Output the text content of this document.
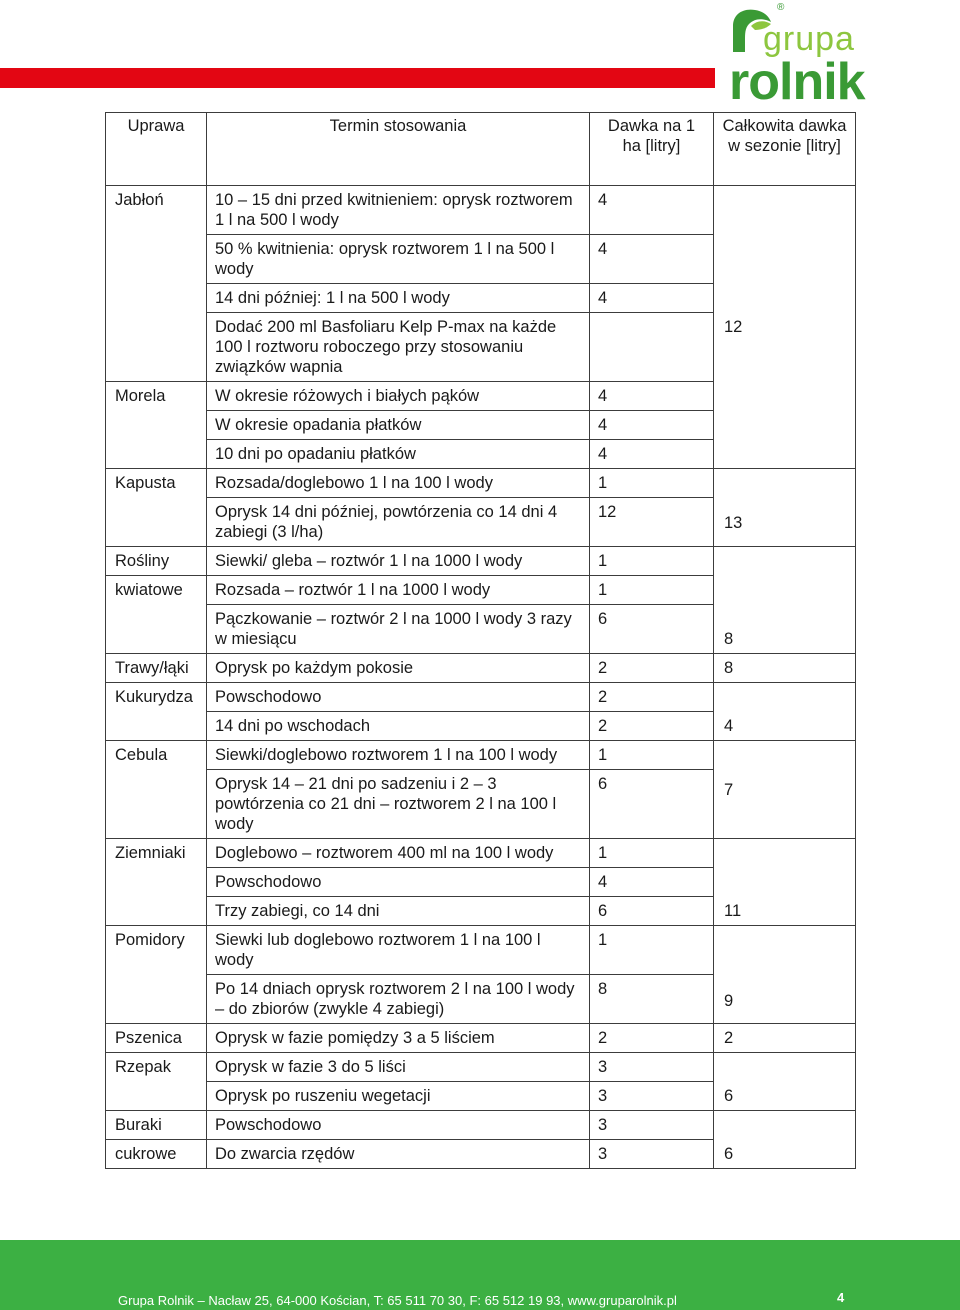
®
grupa
rolnik
Uprawa	Termin stosowania	Dawka na 1 ha [litry]	Całkowita dawka w sezonie [litry]
Jabłoń	10 – 15 dni przed kwitnieniem: oprysk roztworem 1 l na 500 l wody	4	12
	50 % kwitnienia: oprysk roztworem 1 l na 500 l wody	4	
	14 dni później: 1 l na 500 l wody	4	
	Dodać 200 ml Basfoliaru Kelp P-max na każde 100 l roztworu roboczego przy stosowaniu związków wapnia		
Morela	W okresie różowych i białych pąków	4	
	W okresie opadania płatków	4	
	10 dni po opadaniu płatków	4	
Kapusta	Rozsada/doglebowo 1 l na 100 l wody	1	13
	Oprysk 14 dni później, powtórzenia co 14 dni 4 zabiegi (3 l/ha)	12	
Rośliny	Siewki/ gleba – roztwór 1 l na 1000 l wody	1	8
kwiatowe	Rozsada – roztwór 1 l na 1000 l wody	1	
	Pączkowanie – roztwór 2 l na 1000 l wody 3 razy w miesiącu	6	
Trawy/łąki	Oprysk po każdym pokosie	2	8
Kukurydza	Powschodowo	2	4
	14 dni po wschodach	2	
Cebula	Siewki/doglebowo roztworem 1 l na 100 l wody	1	7
	Oprysk 14 – 21 dni po sadzeniu i 2 – 3 powtórzenia co 21 dni – roztworem 2 l na 100 l wody	6	
Ziemniaki	Doglebowo – roztworem 400 ml na 100 l wody	1	11
	Powschodowo	4	
	Trzy zabiegi, co 14 dni	6	
Pomidory	Siewki lub doglebowo roztworem 1 l na 100 l wody	1	9
	Po 14 dniach oprysk roztworem 2 l na 100 l wody – do zbiorów (zwykle 4 zabiegi)	8	
Pszenica	Oprysk w fazie pomiędzy 3 a 5 liściem	2	2
Rzepak	Oprysk w fazie 3 do 5 liści	3	6
	Oprysk po ruszeniu wegetacji	3	
Buraki	Powschodowo	3	6
cukrowe	Do zwarcia rzędów	3	
Grupa Rolnik – Nacław 25, 64-000 Kościan, T: 65 511 70 30, F: 65 512 19 93, www.gruparolnik.pl	4
